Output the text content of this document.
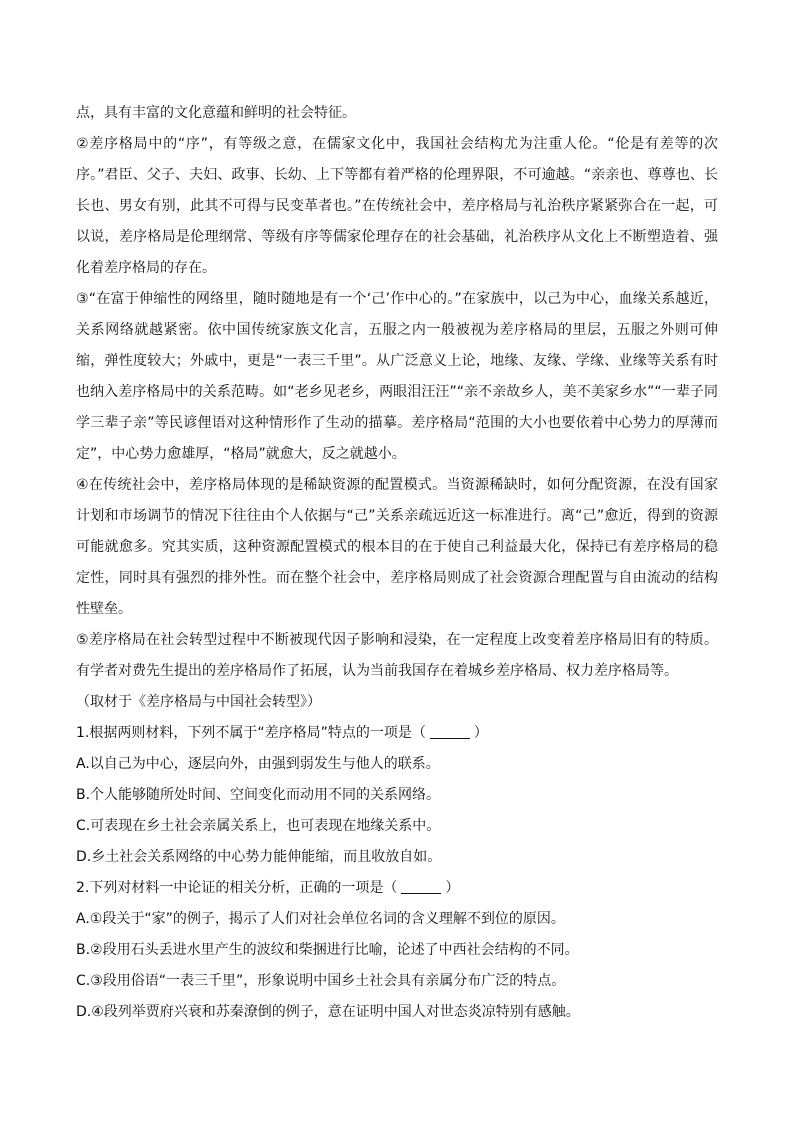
点，具有丰富的文化意蕴和鲜明的社会特征。

②差序格局中的“序”，有等级之意，在儒家文化中，我国社会结构尤为注重人伦。“伦是有差等的次序。”君臣、父子、夫妇、政事、长幼、上下等都有着严格的伦理界限，不可逾越。“亲亲也、尊尊也、长长也、男女有别，此其不可得与民变革者也。”在传统社会中，差序格局与礼治秩序紧紧弥合在一起，可以说，差序格局是伦理纲常、等级有序等儒家伦理存在的社会基础，礼治秩序从文化上不断塑造着、强化着差序格局的存在。

③“在富于伸缩性的网络里，随时随地是有一个‘己’作中心的。”在家族中，以己为中心，血缘关系越近，关系网络就越紧密。依中国传统家族文化言，五服之内一般被视为差序格局的里层，五服之外则可伸缩，弹性度较大；外戚中，更是“一表三千里”。从广泛意义上论，地缘、友缘、学缘、业缘等关系有时也纳入差序格局中的关系范畴。如“老乡见老乡，两眼泪汪汪”“亲不亲故乡人，美不美家乡水”“一辈子同学三辈子亲”等民谚俚语对这种情形作了生动的描摹。差序格局“范围的大小也要依着中心势力的厚薄而定”，中心势力愈雄厚，“格局”就愈大，反之就越小。

④在传统社会中，差序格局体现的是稀缺资源的配置模式。当资源稀缺时，如何分配资源，在没有国家计划和市场调节的情况下往往由个人依据与“己”关系亲疏远近这一标准进行。离“己”愈近，得到的资源可能就愈多。究其实质，这种资源配置模式的根本目的在于使自己利益最大化，保持已有差序格局的稳定性，同时具有强烈的排外性。而在整个社会中，差序格局则成了社会资源合理配置与自由流动的结构性壁垒。

⑤差序格局在社会转型过程中不断被现代因子影响和浸染，在一定程度上改变着差序格局旧有的特质。有学者对费先生提出的差序格局作了拓展，认为当前我国存在着城乡差序格局、权力差序格局等。

（取材于《差序格局与中国社会转型》）

1.根据两则材料，下列不属于“差序格局”特点的一项是（	）

A.以自己为中心，逐层向外，由强到弱发生与他人的联系。

B.个人能够随所处时间、空间变化而动用不同的关系网络。

C.可表现在乡土社会亲属关系上，也可表现在地缘关系中。

D.乡土社会关系网络的中心势力能伸能缩，而且收放自如。

2.下列对材料一中论证的相关分析，正确的一项是（	）

A.①段关于“家”的例子，揭示了人们对社会单位名词的含义理解不到位的原因。

B.②段用石头丢进水里产生的波纹和柴捆进行比喻，论述了中西社会结构的不同。

C.③段用俗语“一表三千里”，形象说明中国乡土社会具有亲属分布广泛的特点。

D.④段列举贾府兴衰和苏秦潦倒的例子，意在证明中国人对世态炎凉特别有感触。
